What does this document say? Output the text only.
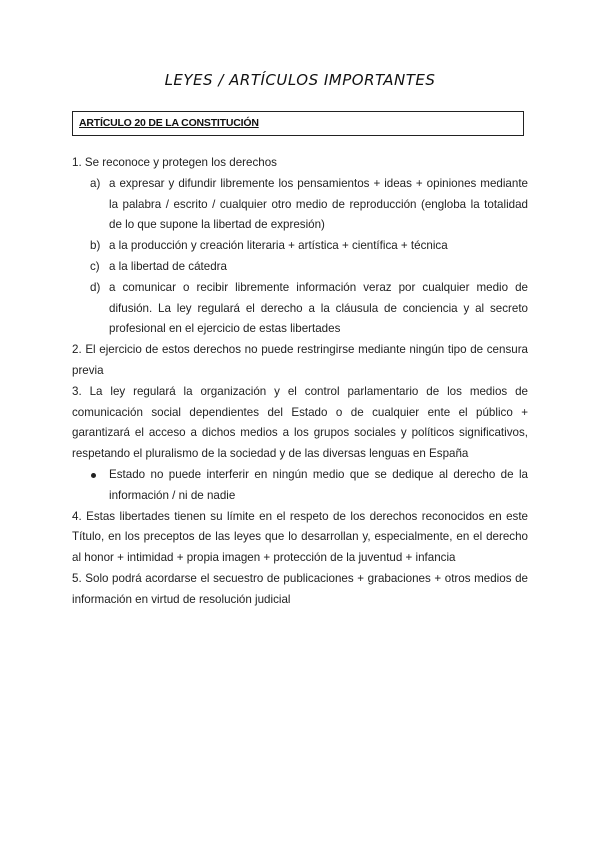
LEYES / ARTÍCULOS IMPORTANTES
ARTÍCULO 20 DE LA CONSTITUCIÓN

1. Se reconoce y protegen los derechos

a) a expresar y difundir libremente los pensamientos + ideas + opiniones mediante la palabra / escrito / cualquier otro medio de reproducción (engloba la totalidad de lo que supone la libertad de expresión)
b) a la producción y creación literaria + artística + científica + técnica
c) a la libertad de cátedra
d) a comunicar o recibir libremente información veraz por cualquier medio de difusión. La ley regulará el derecho a la cláusula de conciencia y al secreto profesional en el ejercicio de estas libertades

2. El ejercicio de estos derechos no puede restringirse mediante ningún tipo de censura previa

3. La ley regulará la organización y el control parlamentario de los medios de comunicación social dependientes del Estado o de cualquier ente el público + garantizará el acceso a dichos medios a los grupos sociales y políticos significativos, respetando el pluralismo de la sociedad y de las diversas lenguas en España

Estado no puede interferir en ningún medio que se dedique al derecho de la información / ni de nadie

4. Estas libertades tienen su límite en el respeto de los derechos reconocidos en este Título, en los preceptos de las leyes que lo desarrollan y, especialmente, en el derecho al honor + intimidad + propia imagen + protección de la juventud + infancia

5. Solo podrá acordarse el secuestro de publicaciones + grabaciones + otros medios de información en virtud de resolución judicial
